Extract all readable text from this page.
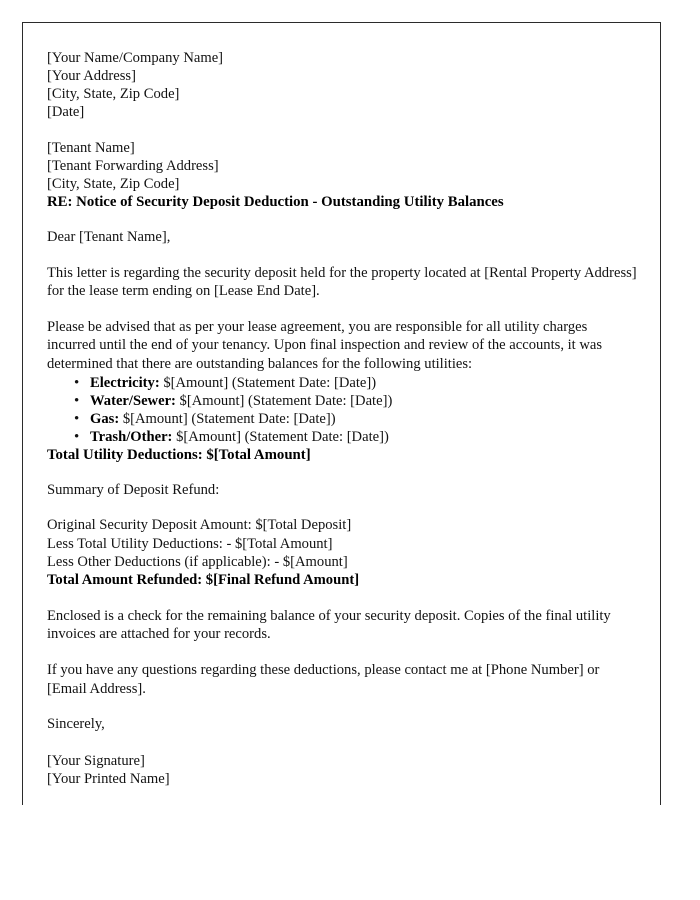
[Your Name/Company Name]
[Your Address]
[City, State, Zip Code]
[Date]
[Tenant Name]
[Tenant Forwarding Address]
[City, State, Zip Code]

RE: Notice of Security Deposit Deduction - Outstanding Utility Balances

Dear [Tenant Name],

This letter is regarding the security deposit held for the property located at [Rental Property Address] for the lease term ending on [Lease End Date].

Please be advised that as per your lease agreement, you are responsible for all utility charges incurred until the end of your tenancy. Upon final inspection and review of the accounts, it was determined that there are outstanding balances for the following utilities:

• Electricity: $[Amount] (Statement Date: [Date])
• Water/Sewer: $[Amount] (Statement Date: [Date])
• Gas: $[Amount] (Statement Date: [Date])
• Trash/Other: $[Amount] (Statement Date: [Date])

Total Utility Deductions: $[Total Amount]

Summary of Deposit Refund:

Original Security Deposit Amount: $[Total Deposit]
Less Total Utility Deductions: - $[Total Amount]
Less Other Deductions (if applicable): - $[Amount]
Total Amount Refunded: $[Final Refund Amount]

Enclosed is a check for the remaining balance of your security deposit. Copies of the final utility invoices are attached for your records.

If you have any questions regarding these deductions, please contact me at [Phone Number] or [Email Address].

Sincerely,

[Your Signature]
[Your Printed Name]
